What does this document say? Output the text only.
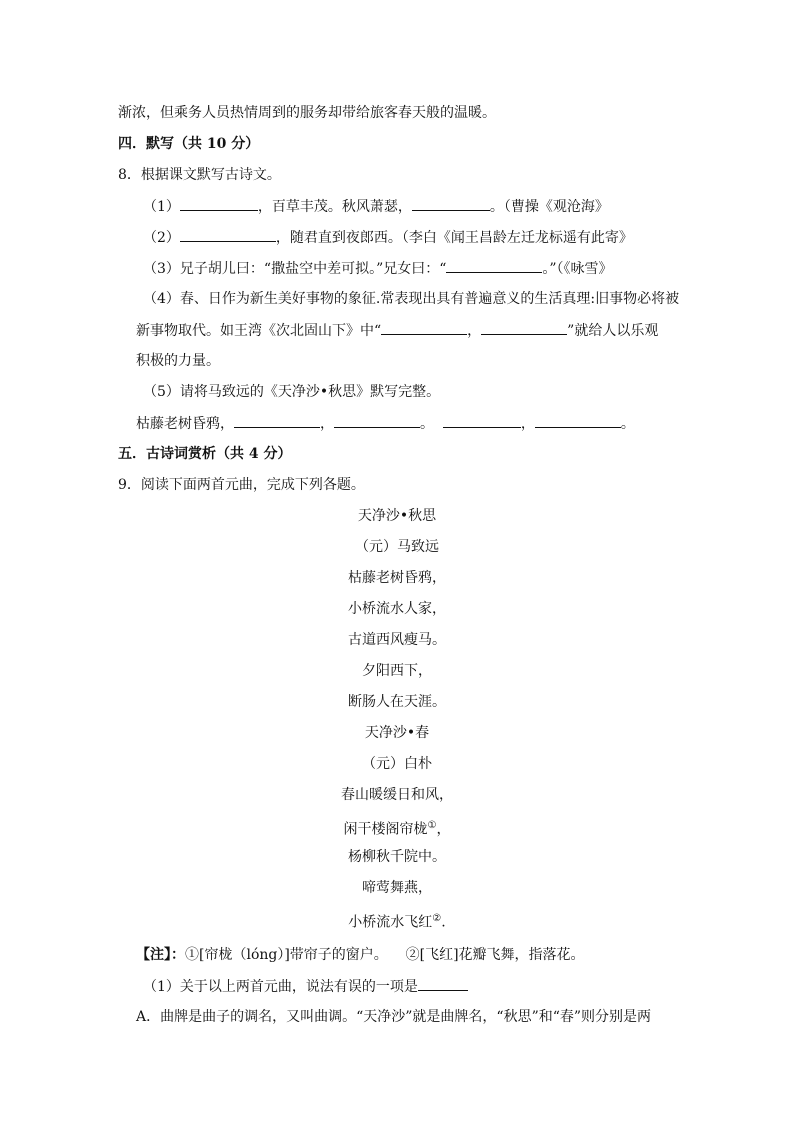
渐浓，但乘务人员热情周到的服务却带给旅客春天般的温暖。
四．默写（共 10 分）
8．根据课文默写古诗文。
（1）	，百草丰茂。秋风萧瑟，	。（曹操《观沧海》
（2）	，随君直到夜郎西。（李白《闻王昌龄左迁龙标遥有此寄》
（3）兄子胡儿曰：“撒盐空中差可拟。”兄女曰：“	。”（《咏雪》
（4）春、日作为新生美好事物的象征.常表现出具有普遍意义的生活真理:旧事物必将被
新事物取代。如王湾《次北固山下》中“	，	”就给人以乐观
积极的力量。
（5）请将马致远的《天净沙•秋思》默写完整。
枯藤老树昏鸦，	，	。	，	。
五．古诗词赏析（共 4 分）
9．阅读下面两首元曲，完成下列各题。
天净沙•秋思
（元）马致远
枯藤老树昏鸦，
小桥流水人家，
古道西风瘦马。
夕阳西下，
断肠人在天涯。
天净沙•春
（元）白朴
春山暖缓日和风，
闲干楼阁帘栊①，
杨柳秋千院中。
啼莺舞燕，
小桥流水飞红②.
【注】：①[帘栊（lóng）]带帘子的窗户。 ②[飞红]花瓣飞舞，指落花。
（1）关于以上两首元曲，说法有误的一项是
A．曲牌是曲子的调名，又叫曲调。“天净沙”就是曲牌名，“秋思”和“春”则分别是两
